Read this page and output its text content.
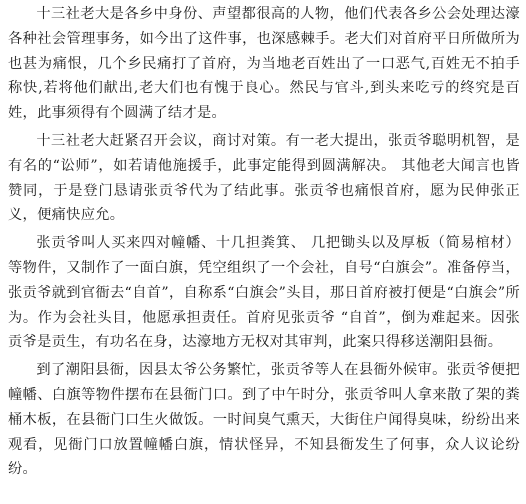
十三社老大是各乡中身份、声望都很高的人物，他们代表各乡公会处理达濠各种社会管理事务，如今出了这件事，也深感棘手。老大们对首府平日所做所为也甚为痛恨，几个乡民痛打了首府，为当地老百姓出了一口恶气,百姓无不拍手称快,若将他们献出,老大们也有愧于良心。然民与官斗,到头来吃亏的终究是百姓，此事须得有个圆满了结才是。

十三社老大赶紧召开会议，商讨对策。有一老大提出，张贡爷聪明机智，是有名的“讼师”，如若请他施援手，此事定能得到圆满解决。 其他老大闻言也皆赞同，于是登门恳请张贡爷代为了结此事。张贡爷也痛恨首府，愿为民伸张正义，便痛快应允。

张贡爷叫人买来四对幢幡、十几担粪箕、 几把锄头以及厚板（简易棺材）等物件，又制作了一面白旗，凭空组织了一个会社，自号“白旗会”。准备停当，张贡爷就到官衙去“自首”，自称系“白旗会”头目，那日首府被打便是“白旗会”所为。作为会社头目，他愿承担责任。首府见张贡爷 “自首”，倒为难起来。因张贡爷是贡生，有功名在身，达濠地方无权对其审判，此案只得移送潮阳县衙。

到了潮阳县衙，因县太爷公务繁忙，张贡爷等人在县衙外候审。张贡爷便把幢幡、白旗等物件摆布在县衙门口。到了中午时分，张贡爷叫人拿来散了架的粪桶木板，在县衙门口生火做饭。一时间臭气熏天，大街住户闻得臭味，纷纷出来观看，见衙门口放置幢幡白旗，情状怪异，不知县衙发生了何事，众人议论纷纷。
